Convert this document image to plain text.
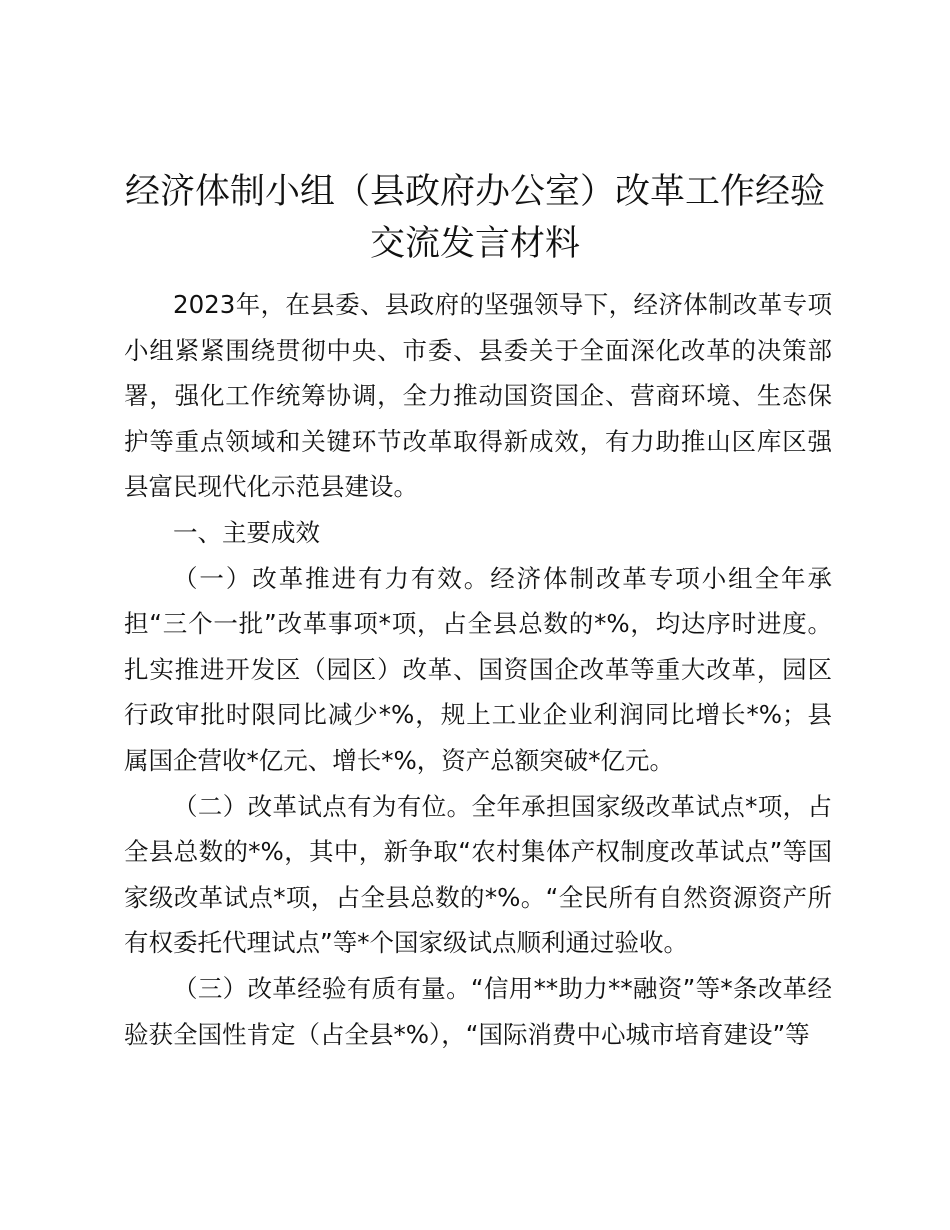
经济体制小组（县政府办公室）改革工作经验
交流发言材料

2023年，在县委、县政府的坚强领导下，经济体制改革专项小组紧紧围绕贯彻中央、市委、县委关于全面深化改革的决策部署，强化工作统筹协调，全力推动国资国企、营商环境、生态保护等重点领域和关键环节改革取得新成效，有力助推山区库区强县富民现代化示范县建设。

一、主要成效

（一）改革推进有力有效。经济体制改革专项小组全年承担“三个一批”改革事项*项，占全县总数的*%，均达序时进度。扎实推进开发区（园区）改革、国资国企改革等重大改革，园区行政审批时限同比减少*%，规上工业企业利润同比增长*%；县属国企营收*亿元、增长*%，资产总额突破*亿元。

（二）改革试点有为有位。全年承担国家级改革试点*项，占全县总数的*%，其中，新争取“农村集体产权制度改革试点”等国家级改革试点*项，占全县总数的*%。“全民所有自然资源资产所有权委托代理试点”等*个国家级试点顺利通过验收。

（三）改革经验有质有量。“信用**助力**融资”等*条改革经验获全国性肯定（占全县*%），“国际消费中心城市培育建设”等
